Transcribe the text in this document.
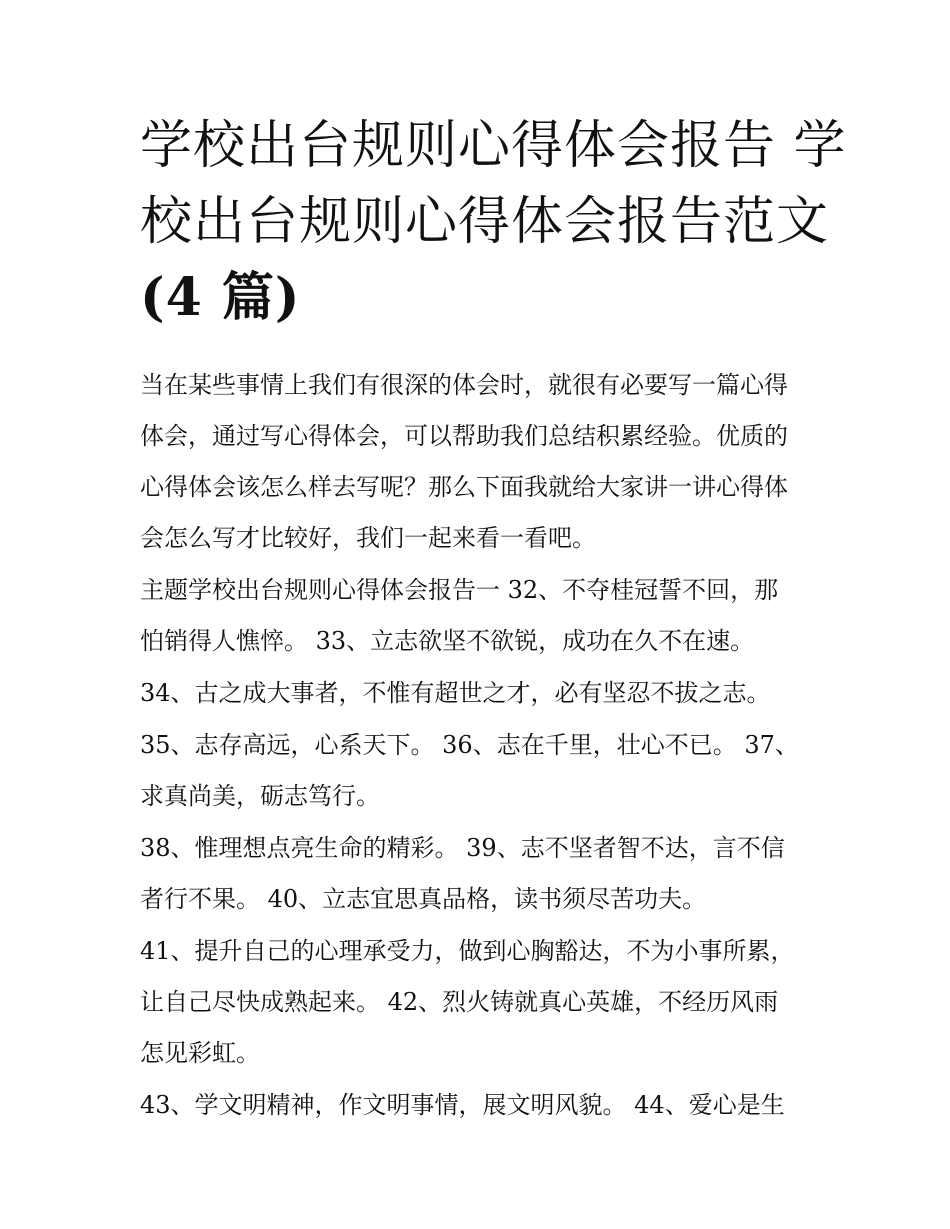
学校出台规则心得体会报告 学
校出台规则心得体会报告范文
(4 篇)

当在某些事情上我们有很深的体会时，就很有必要写一篇心得
体会，通过写心得体会，可以帮助我们总结积累经验。优质的
心得体会该怎么样去写呢？那么下面我就给大家讲一讲心得体
会怎么写才比较好，我们一起来看一看吧。

主题学校出台规则心得体会报告一 32、不夺桂冠誓不回，那
怕销得人憔悴。 33、立志欲坚不欲锐，成功在久不在速。

34、古之成大事者，不惟有超世之才，必有坚忍不拔之志。

35、志存高远，心系天下。 36、志在千里，壮心不已。 37、
求真尚美，砺志笃行。

38、惟理想点亮生命的精彩。 39、志不坚者智不达，言不信
者行不果。 40、立志宜思真品格，读书须尽苦功夫。

41、提升自己的心理承受力，做到心胸豁达，不为小事所累，
让自己尽快成熟起来。 42、烈火铸就真心英雄，不经历风雨
怎见彩虹。

43、学文明精神，作文明事情，展文明风貌。 44、爱心是生
